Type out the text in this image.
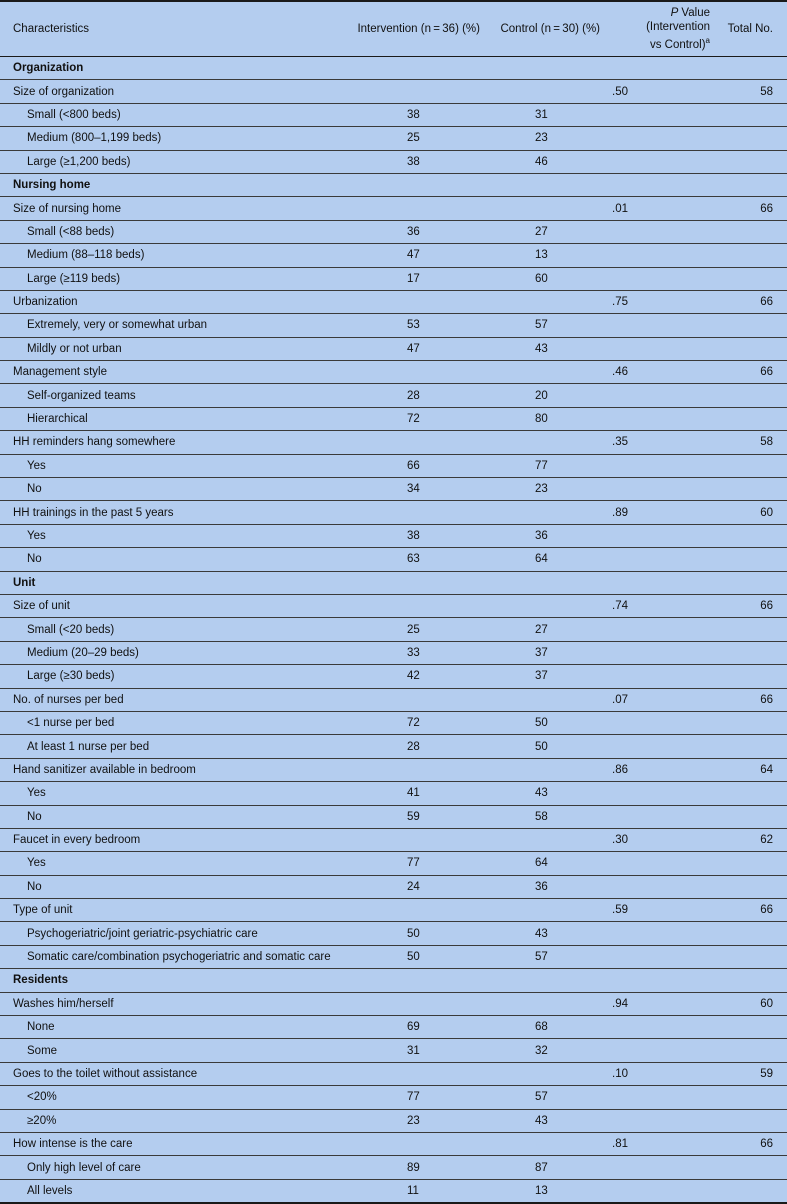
Characteristics	Intervention (n = 36) (%)	Control (n = 30) (%)	P Value (Intervention
vs Control)$^a$	Total No.
Organization				
Size of organization			.50	58
Small (<800 beds)	38	31		
Medium (800–1,199 beds)	25	23		
Large (≥1,200 beds)	38	46		
Nursing home				
Size of nursing home			.01	66
Small (<88 beds)	36	27		
Medium (88–118 beds)	47	13		
Large (≥119 beds)	17	60		
Urbanization			.75	66
Extremely, very or somewhat urban	53	57		
Mildly or not urban	47	43		
Management style			.46	66
Self-organized teams	28	20		
Hierarchical	72	80		
HH reminders hang somewhere			.35	58
Yes	66	77		
No	34	23		
HH trainings in the past 5 years			.89	60
Yes	38	36		
No	63	64		
Unit				
Size of unit			.74	66
Small (<20 beds)	25	27		
Medium (20–29 beds)	33	37		
Large (≥30 beds)	42	37		
No. of nurses per bed			.07	66
<1 nurse per bed	72	50		
At least 1 nurse per bed	28	50		
Hand sanitizer available in bedroom			.86	64
Yes	41	43		
No	59	58		
Faucet in every bedroom			.30	62
Yes	77	64		
No	24	36		
Type of unit			.59	66
Psychogeriatric/joint geriatric-psychiatric care	50	43		
Somatic care/combination psychogeriatric and somatic care	50	57		
Residents				
Washes him/herself			.94	60
None	69	68		
Some	31	32		
Goes to the toilet without assistance			.10	59
<20%	77	57		
≥20%	23	43		
How intense is the care			.81	66
Only high level of care	89	87		
All levels	11	13		
